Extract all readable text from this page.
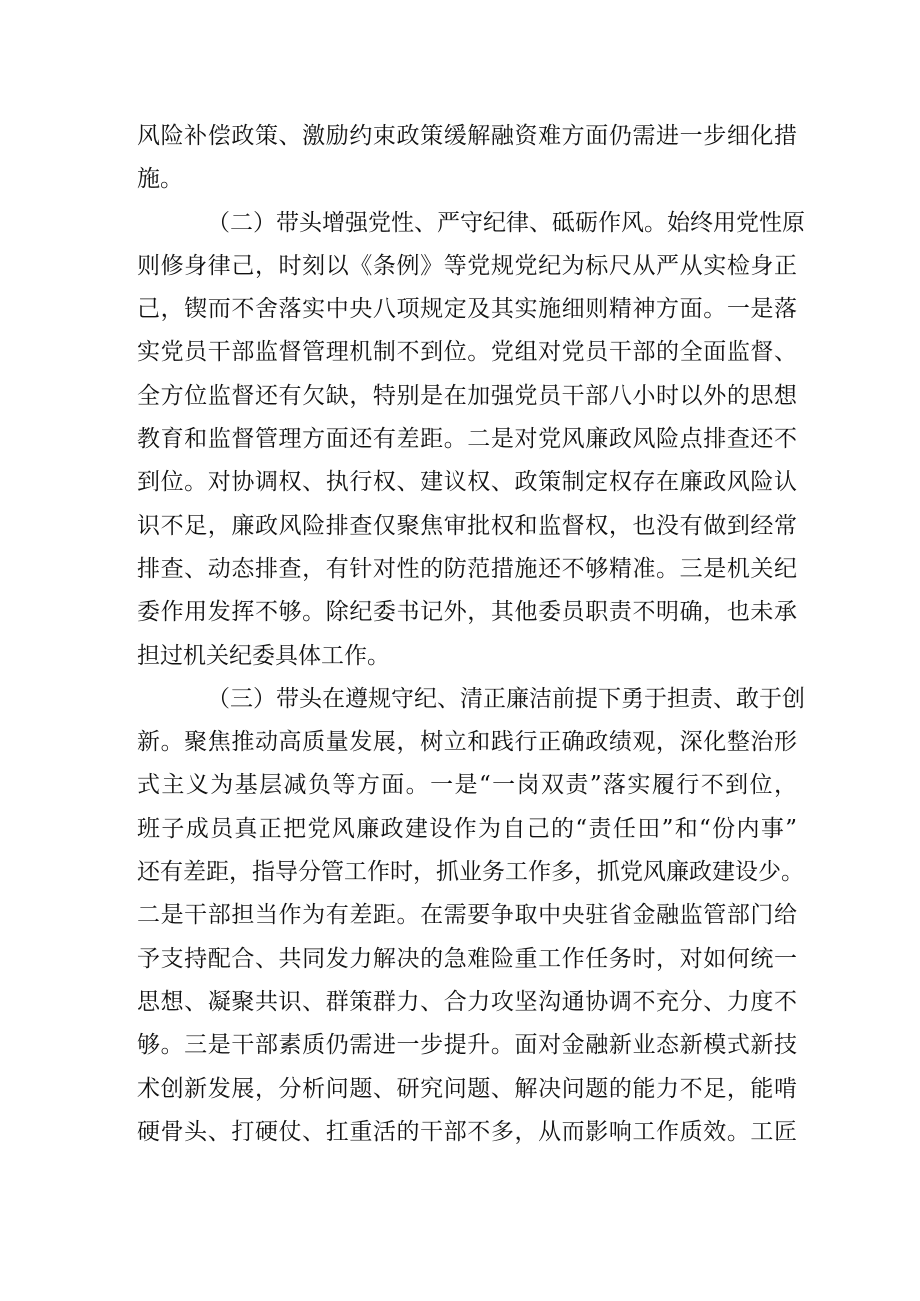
风险补偿政策、激励约束政策缓解融资难方面仍需进一步细化措
施。
（二）带头增强党性、严守纪律、砥砺作风。始终用党性原
则修身律己，时刻以《条例》等党规党纪为标尺从严从实检身正
己，锲而不舍落实中央八项规定及其实施细则精神方面。一是落
实党员干部监督管理机制不到位。党组对党员干部的全面监督、
全方位监督还有欠缺，特别是在加强党员干部八小时以外的思想
教育和监督管理方面还有差距。二是对党风廉政风险点排查还不
到位。对协调权、执行权、建议权、政策制定权存在廉政风险认
识不足，廉政风险排查仅聚焦审批权和监督权，也没有做到经常
排查、动态排查，有针对性的防范措施还不够精准。三是机关纪
委作用发挥不够。除纪委书记外，其他委员职责不明确，也未承
担过机关纪委具体工作。
（三）带头在遵规守纪、清正廉洁前提下勇于担责、敢于创
新。聚焦推动高质量发展，树立和践行正确政绩观，深化整治形
式主义为基层减负等方面。一是“一岗双责”落实履行不到位，
班子成员真正把党风廉政建设作为自己的“责任田”和“份内事”
还有差距，指导分管工作时，抓业务工作多，抓党风廉政建设少。
二是干部担当作为有差距。在需要争取中央驻省金融监管部门给
予支持配合、共同发力解决的急难险重工作任务时，对如何统一
思想、凝聚共识、群策群力、合力攻坚沟通协调不充分、力度不
够。三是干部素质仍需进一步提升。面对金融新业态新模式新技
术创新发展，分析问题、研究问题、解决问题的能力不足，能啃
硬骨头、打硬仗、扛重活的干部不多，从而影响工作质效。工匠
